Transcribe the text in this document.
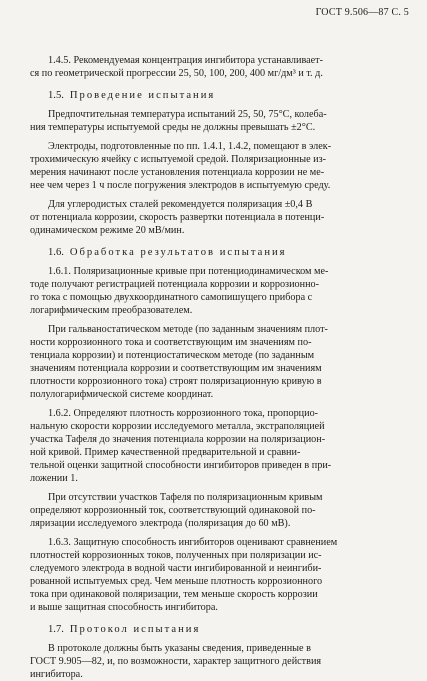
ГОСТ 9.506—87 С. 5
1.4.5. Рекомендуемая концентрация ингибитора устанавливает-
ся по геометрической прогрессии 25, 50, 100, 200, 400 мг/дм³ и т. д.
1.5. Проведение испытания
Предпочтительная температура испытаний 25, 50, 75°С, колеба-
ния температуры испытуемой среды не должны превышать ±2°С.
Электроды, подготовленные по пп. 1.4.1, 1.4.2, помещают в элек-
трохимическую ячейку с испытуемой средой. Поляризационные из-
мерения начинают после установления потенциала коррозии не ме-
нее чем через 1 ч после погружения электродов в испытуемую среду.
Для углеродистых сталей рекомендуется поляризация ±0,4 В
от потенциала коррозии, скорость развертки потенциала в потенци-
одинамическом режиме 20 мВ/мин.
1.6. Обработка результатов испытания
1.6.1. Поляризационные кривые при потенциодинамическом ме-
тоде получают регистрацией потенциала коррозии и коррозионно-
го тока с помощью двухкоординатного самопишущего прибора с
логарифмическим преобразователем.
При гальваностатическом методе (по заданным значениям плот-
ности коррозионного тока и соответствующим им значениям по-
тенциала коррозии) и потенциостатическом методе (по заданным
значениям потенциала коррозии и соответствующим им значениям
плотности коррозионного тока) строят поляризационную кривую в
полулогарифмической системе координат.
1.6.2. Определяют плотность коррозионного тока, пропорцио-
нальную скорости коррозии исследуемого металла, экстраполяцией
участка Тафеля до значения потенциала коррозии на поляризацион-
ной кривой. Пример качественной предварительной и сравни-
тельной оценки защитной способности ингибиторов приведен в при-
ложении 1.
При отсутствии участков Тафеля по поляризационным кривым
определяют коррозионный ток, соответствующий одинаковой по-
ляризации исследуемого электрода (поляризация до 60 мВ).
1.6.3. Защитную способность ингибиторов оценивают сравнением
плотностей коррозионных токов, полученных при поляризации ис-
следуемого электрода в водной части ингибированной и неингиби-
рованной испытуемых сред. Чем меньше плотность коррозионного
тока при одинаковой поляризации, тем меньше скорость коррозии
и выше защитная способность ингибитора.
1.7. Протокол испытания
В протоколе должны быть указаны сведения, приведенные в
ГОСТ 9.905—82, и, по возможности, характер защитного действия
ингибитора.
